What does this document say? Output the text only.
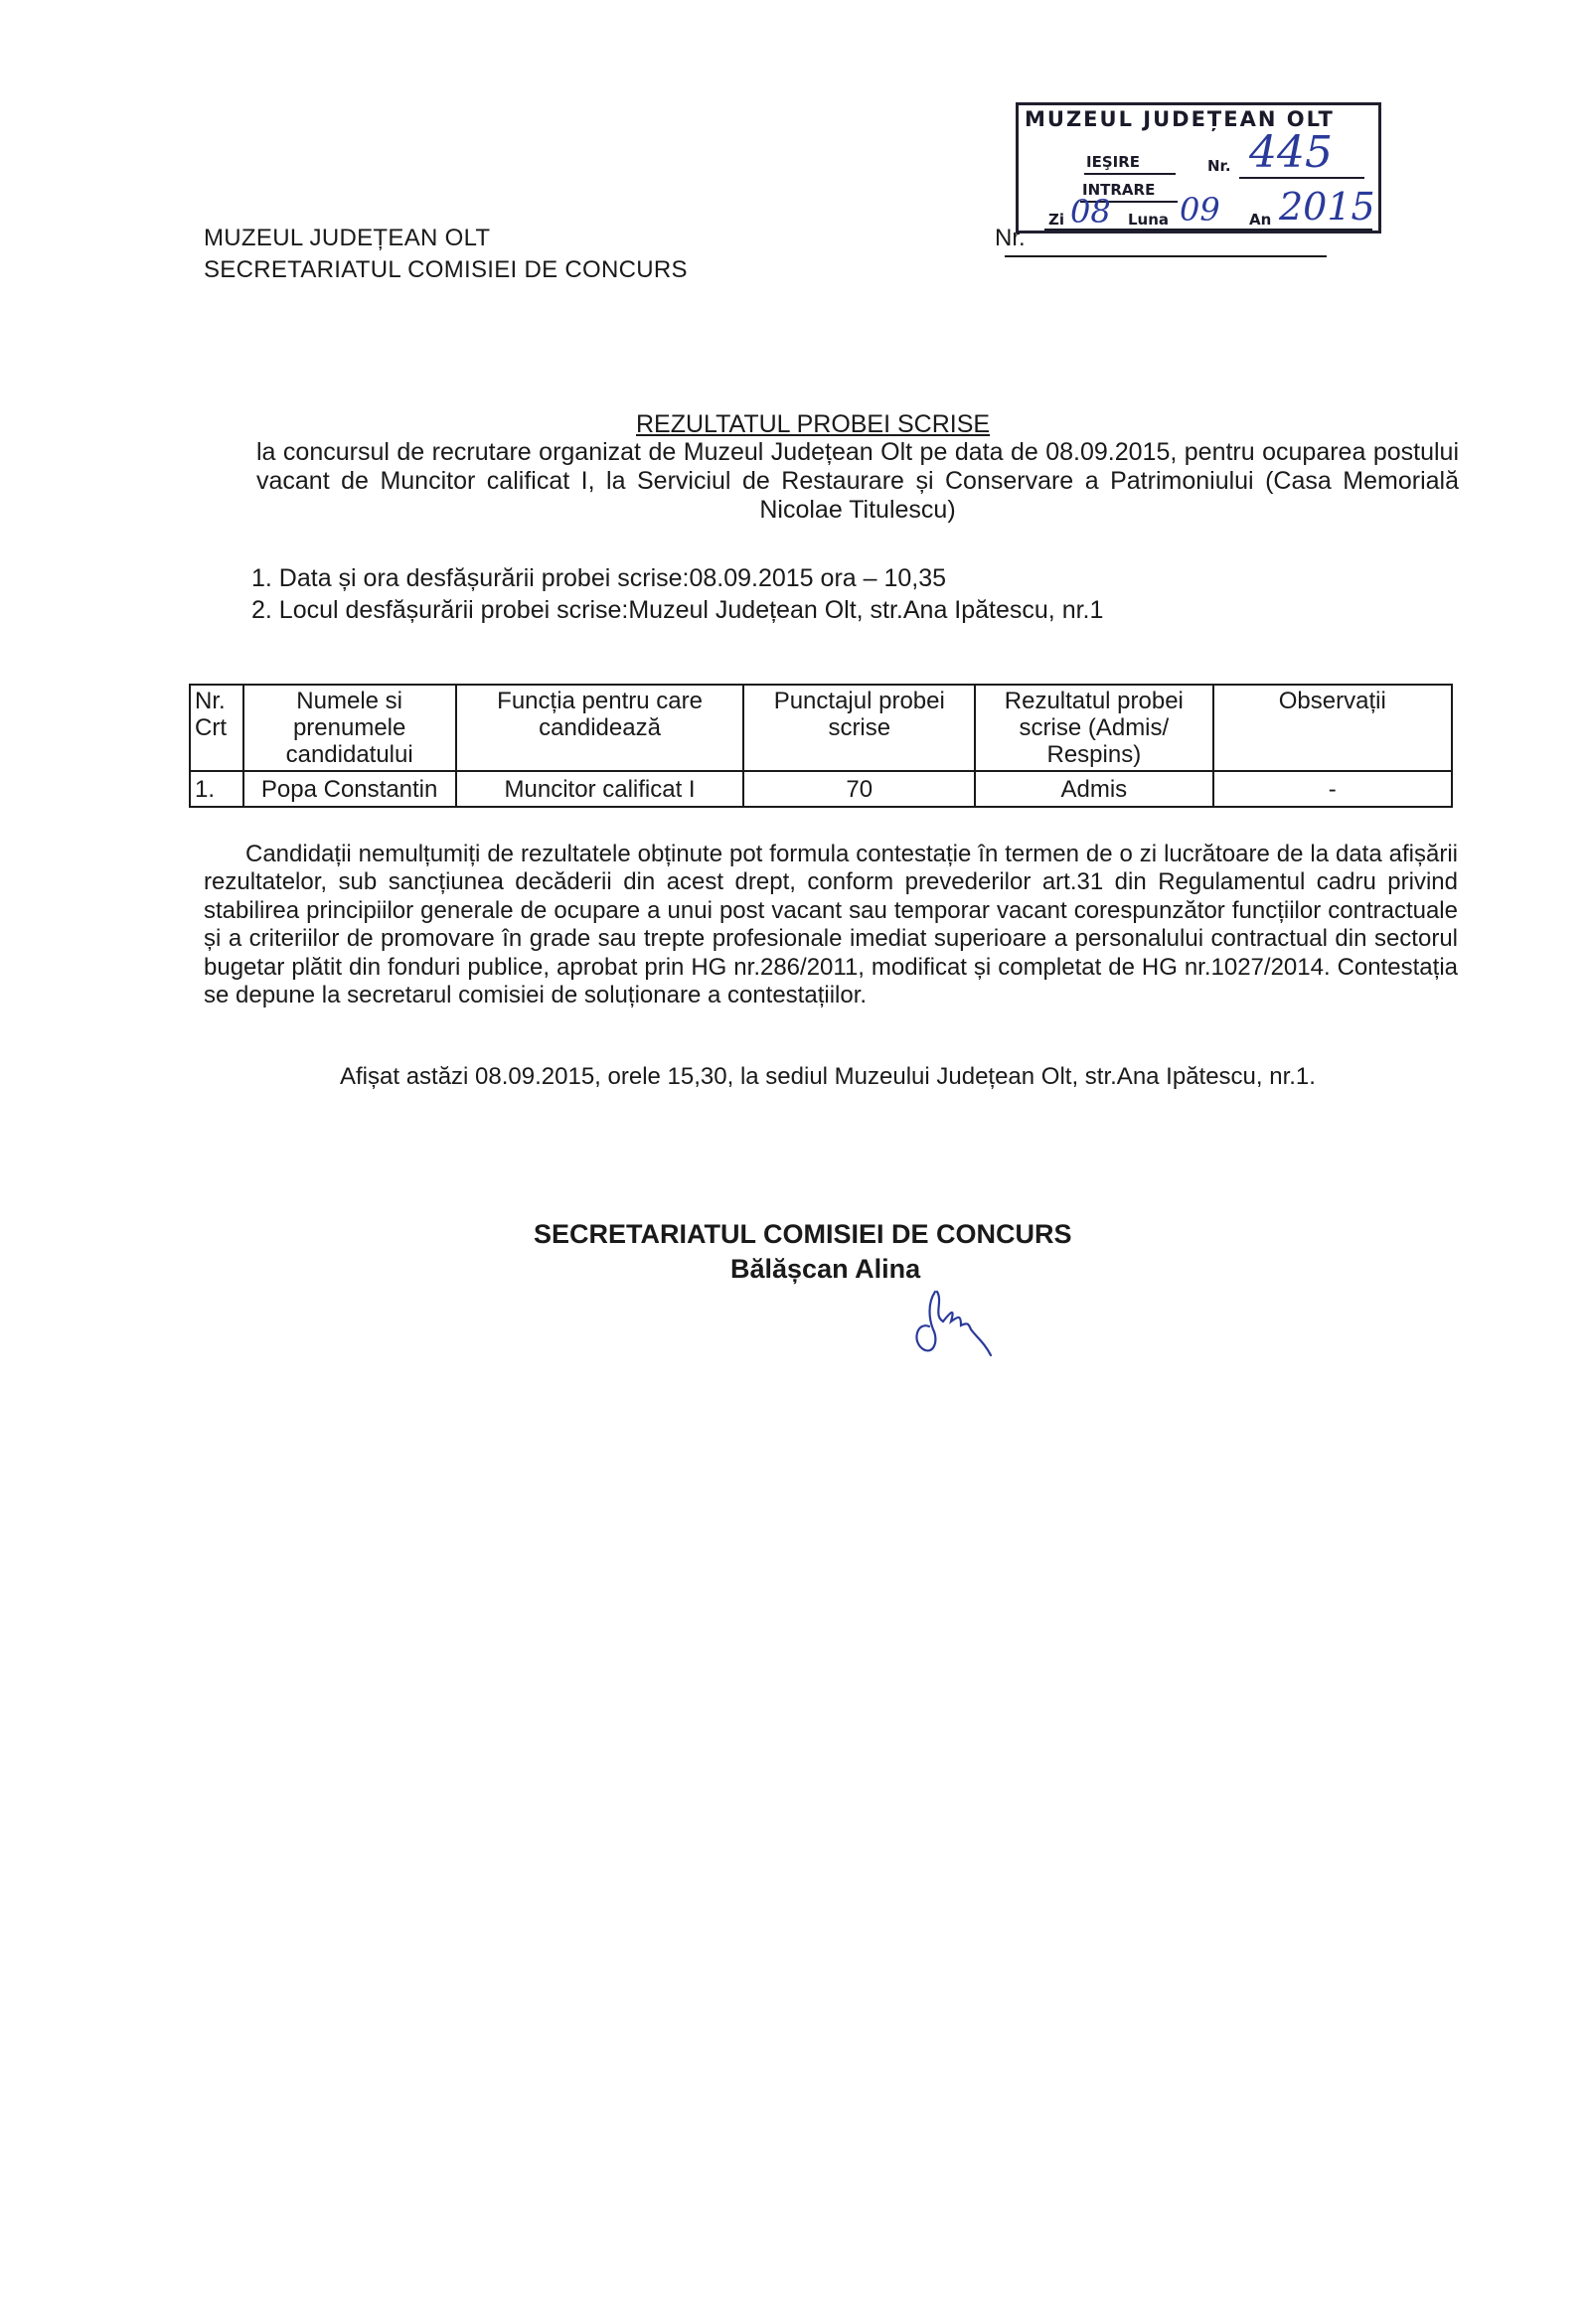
MUZEUL JUDEȚEAN OLT
IEŞIRE	Nr. 445
INTRARE
Zi 08 Luna 09 An 2015
MUZEUL JUDEȚEAN OLT
SECRETARIATUL COMISIEI DE CONCURS
Nr.
REZULTATUL PROBEI SCRISE
la concursul de recrutare organizat de Muzeul Județean Olt pe data de 08.09.2015, pentru ocuparea postului vacant de Muncitor calificat I, la Serviciul de Restaurare și Conservare a Patrimoniului (Casa Memorială Nicolae Titulescu)
1. Data și ora desfășurării probei scrise:08.09.2015 ora – 10,35
2. Locul desfășurării probei scrise:Muzeul Județean Olt, str.Ana Ipătescu, nr.1
Nr. Crt	Numele si prenumele candidatului	Funcția pentru care candidează	Punctajul probei scrise	Rezultatul probei scrise (Admis/ Respins)	Observații
1.	Popa Constantin	Muncitor calificat I	70	Admis	-
Candidații nemulțumiți de rezultatele obținute pot formula contestație în termen de o zi lucrătoare de la data afișării rezultatelor, sub sancțiunea decăderii din acest drept, conform prevederilor art.31 din Regulamentul cadru privind stabilirea principiilor generale de ocupare a unui post vacant sau temporar vacant corespunzător funcțiilor contractuale și a criteriilor de promovare în grade sau trepte profesionale imediat superioare a personalului contractual din sectorul bugetar plătit din fonduri publice, aprobat prin HG nr.286/2011, modificat și completat de HG nr.1027/2014. Contestația se depune la secretarul comisiei de soluționare a contestațiilor.
Afișat astăzi 08.09.2015, orele 15,30, la sediul Muzeului Județean Olt, str.Ana Ipătescu, nr.1.
SECRETARIATUL COMISIEI DE CONCURS
Bălășcan Alina
